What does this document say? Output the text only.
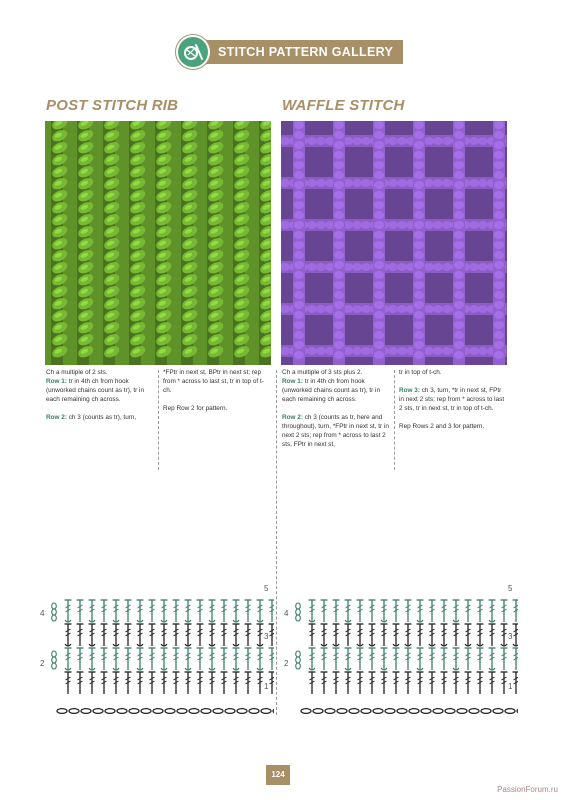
STITCH PATTERN GALLERY
POST STITCH RIB

Ch a multiple of 2 sts.

Row 1: tr in 4th ch from hook (unworked chains count as tr), tr in each remaining ch across.

Row 2: ch 3 (counts as tr), turn,

*FPtr in next st, BPtr in next st; rep from * across to last st, tr in top of t-ch.

Rep Row 2 for pattern.

WAFFLE STITCH

Ch a multiple of 3 sts plus 2.

Row 1: tr in 4th ch from hook (unworked chains count as tr), tr in each remaining ch across.

Row 2: ch 3 (counts as tr, here and throughout), turn, *FPtr in next st, tr in next 2 sts; rep from * across to last 2 sts, FPtr in next st,

tr in top of t-ch.

Row 3: ch 3, turn, *tr in next st, FPtr in next 2 sts; rep from * across to last 2 sts, tr in next st, tr in top of t-ch.

Rep Rows 2 and 3 for pattern.

5
3
1
4
2
5
3
1
4
2
124
PassionForum.ru
